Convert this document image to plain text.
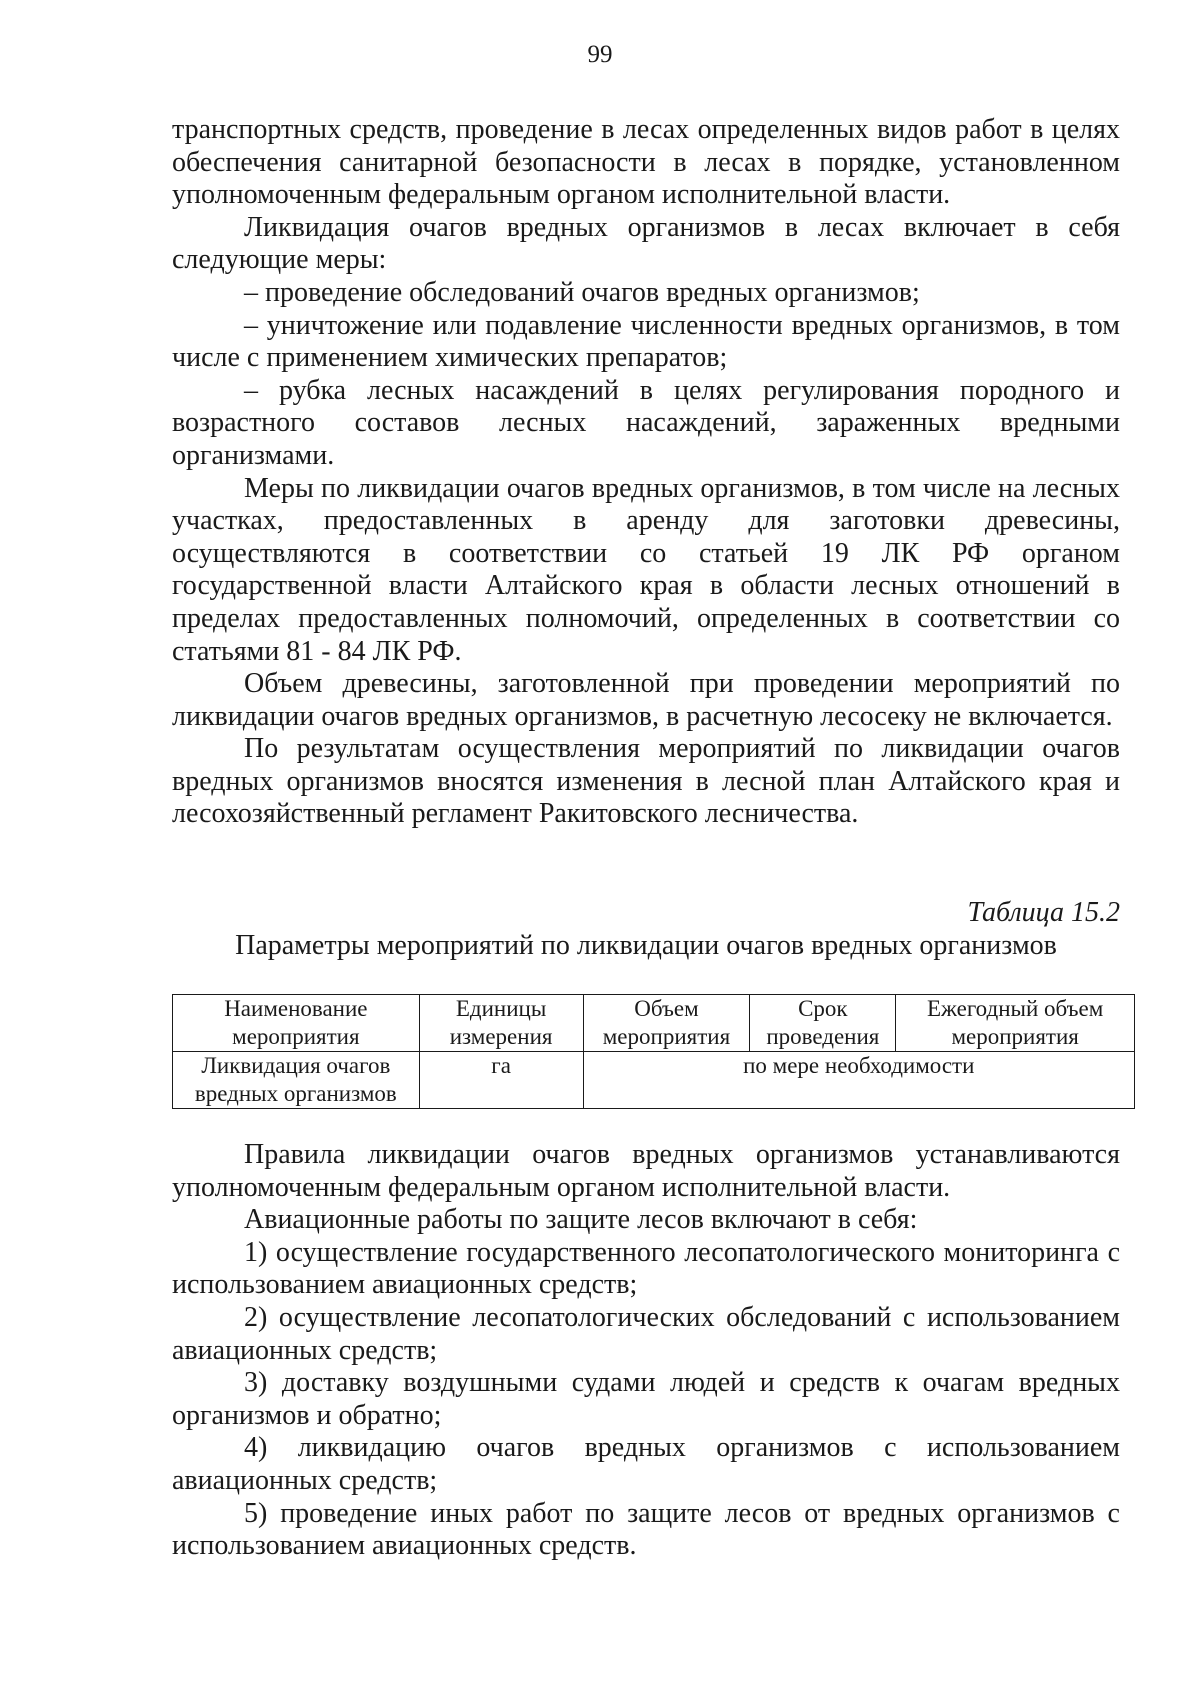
99

транспортных средств, проведение в лесах определенных видов работ в целях обеспечения санитарной безопасности в лесах в порядке, установленном уполномоченным федеральным органом исполнительной власти.

Ликвидация очагов вредных организмов в лесах включает в себя следующие меры:

– проведение обследований очагов вредных организмов;

– уничтожение или подавление численности вредных организмов, в том числе с применением химических препаратов;

– рубка лесных насаждений в целях регулирования породного и возрастного составов лесных насаждений, зараженных вредными организмами.

Меры по ликвидации очагов вредных организмов, в том числе на лесных участках, предоставленных в аренду для заготовки древесины, осуществляются в соответствии со статьей 19 ЛК РФ органом государственной власти Алтайского края в области лесных отношений в пределах предоставленных полномочий, определенных в соответствии со статьями 81 - 84 ЛК РФ.

Объем древесины, заготовленной при проведении мероприятий по ликвидации очагов вредных организмов, в расчетную лесосеку не включается.

По результатам осуществления мероприятий по ликвидации очагов вредных организмов вносятся изменения в лесной план Алтайского края и лесохозяйственный регламент Ракитовского лесничества.

Таблица 15.2
Параметры мероприятий по ликвидации очагов вредных организмов
Наименование мероприятия	Единицы измерения	Объем мероприятия	Срок проведения	Ежегодный объем мероприятия
Ликвидация очагов вредных организмов	га	по мере необходимости		

Правила ликвидации очагов вредных организмов устанавливаются уполномоченным федеральным органом исполнительной власти.

Авиационные работы по защите лесов включают в себя:

1) осуществление государственного лесопатологического мониторинга с использованием авиационных средств;

2) осуществление лесопатологических обследований с использованием авиационных средств;

3) доставку воздушными судами людей и средств к очагам вредных организмов и обратно;

4) ликвидацию очагов вредных организмов с использованием авиационных средств;

5) проведение иных работ по защите лесов от вредных организмов с использованием авиационных средств.
